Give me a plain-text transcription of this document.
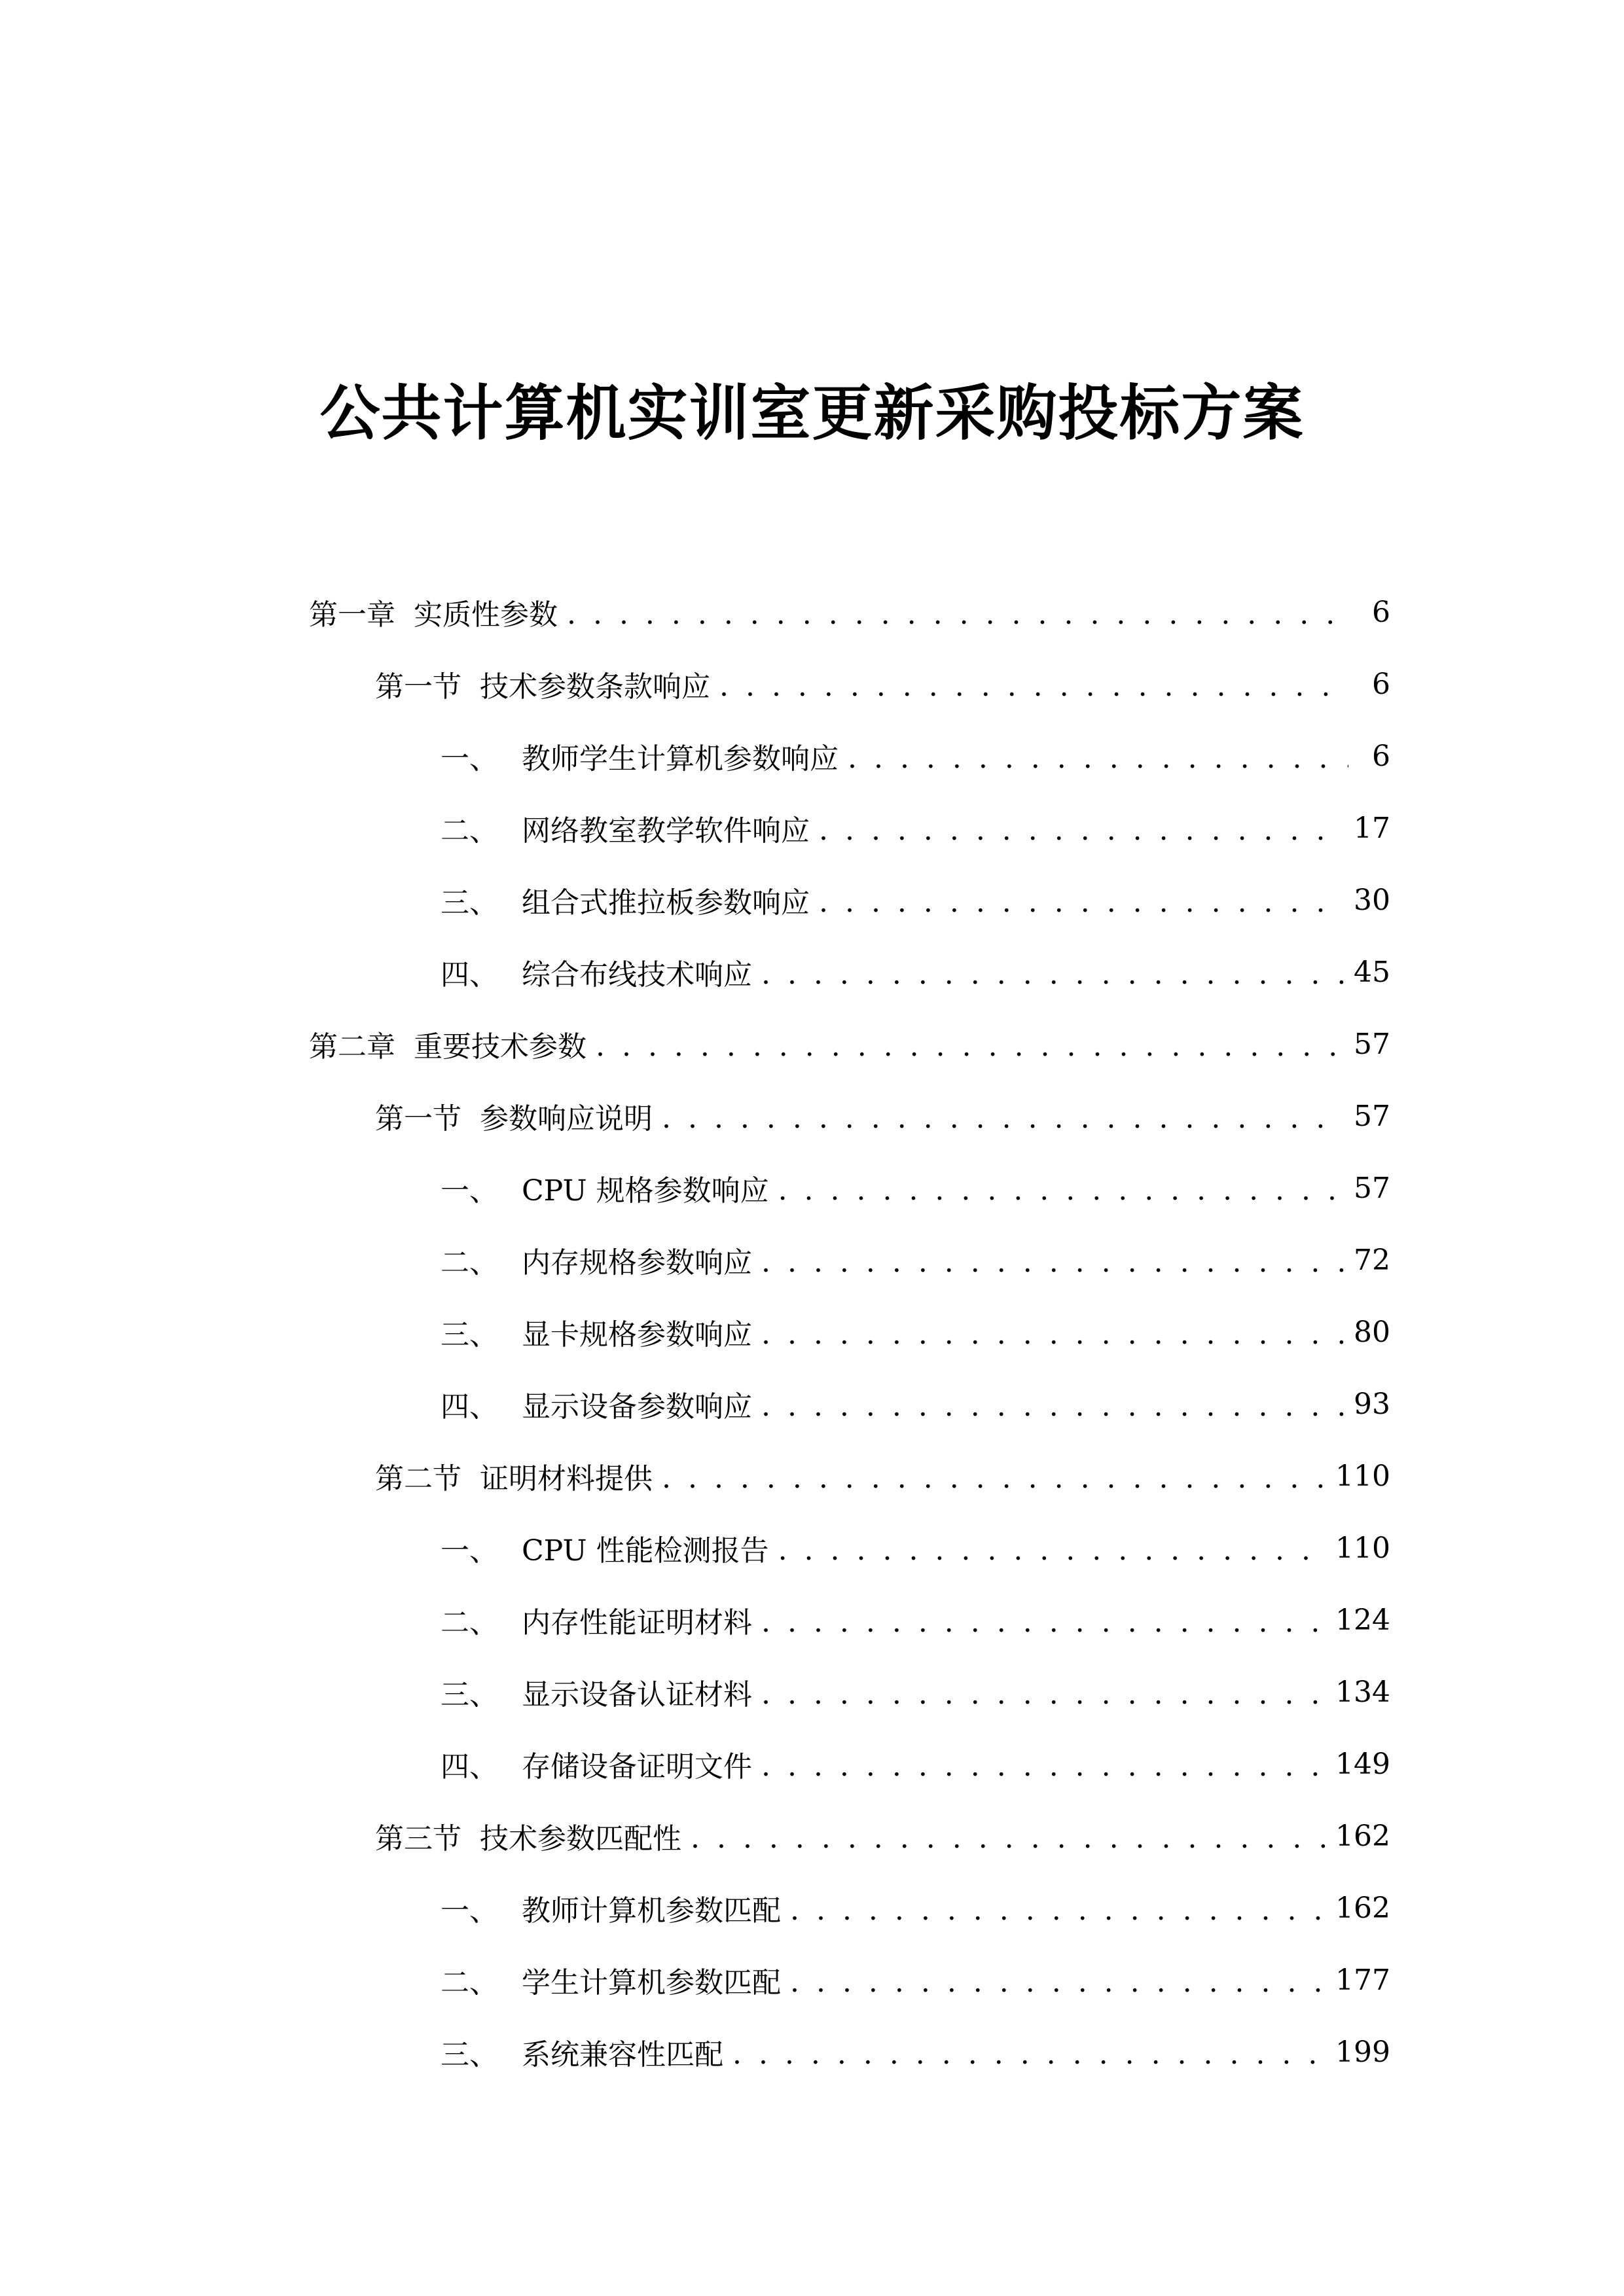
公共计算机实训室更新采购投标方案
第一章 实质性参数 . . .	6
第一节 技术参数条款响应 . . .	6
一、 教师学生计算机参数响应 . . .	6
二、 网络教室教学软件响应 . . .	17
三、 组合式推拉板参数响应 . . .	30
四、 综合布线技术响应 . . .	45
第二章 重要技术参数 . . .	57
第一节 参数响应说明 . . .	57
一、 CPU 规格参数响应 . . .	57
二、 内存规格参数响应 . . .	72
三、 显卡规格参数响应 . . .	80
四、 显示设备参数响应 . . .	93
第二节 证明材料提供 . . .	110
一、 CPU 性能检测报告 . . .	110
二、 内存性能证明材料 . . .	124
三、 显示设备认证材料 . . .	134
四、 存储设备证明文件 . . .	149
第三节 技术参数匹配性 . . .	162
一、 教师计算机参数匹配 . . .	162
二、 学生计算机参数匹配 . . .	177
三、 系统兼容性匹配 . . .	199
